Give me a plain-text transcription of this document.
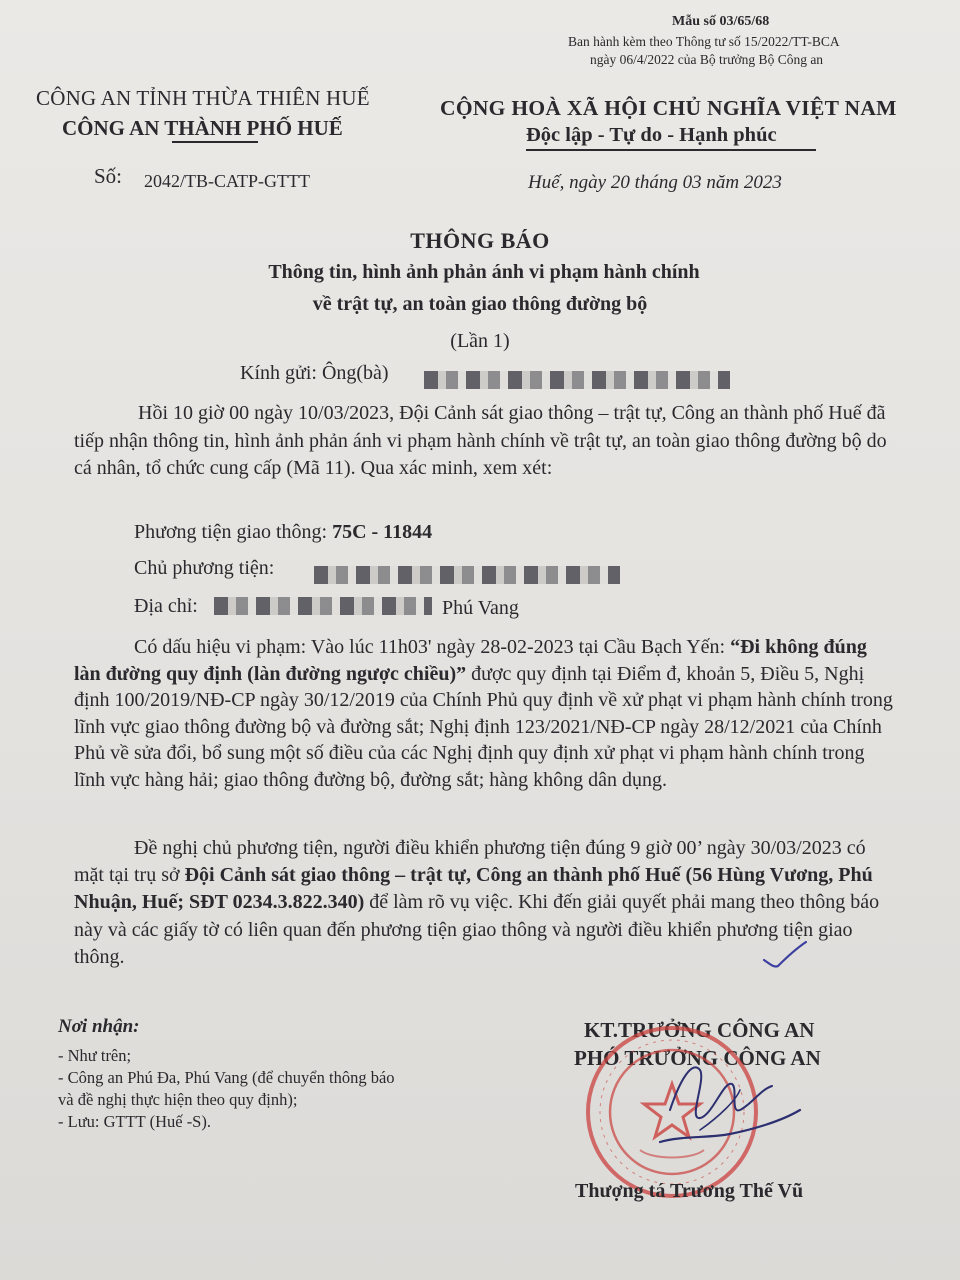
Mẫu số 03/65/68
Ban hành kèm theo Thông tư số 15/2022/TT-BCA
ngày 06/4/2022 của Bộ trưởng Bộ Công an
CÔNG AN TỈNH THỪA THIÊN HUẾ
CÔNG AN THÀNH PHỐ HUẾ
CỘNG HOÀ XÃ HỘI CHỦ NGHĨA VIỆT NAM
Độc lập - Tự do - Hạnh phúc
Số: 2042/TB-CATP-GTTT	Huế, ngày 20 tháng 03 năm 2023
THÔNG BÁO
Thông tin, hình ảnh phản ánh vi phạm hành chính
về trật tự, an toàn giao thông đường bộ
(Lần 1)
Kính gửi: Ông(bà)
Hồi 10 giờ 00 ngày 10/03/2023, Đội Cảnh sát giao thông – trật tự, Công an thành phố Huế đã tiếp nhận thông tin, hình ảnh phản ánh vi phạm hành chính về trật tự, an toàn giao thông đường bộ do cá nhân, tổ chức cung cấp (Mã 11). Qua xác minh, xem xét:
Phương tiện giao thông: 75C - 11844
Chủ phương tiện:
Địa chỉ:	Phú Vang
Có dấu hiệu vi phạm: Vào lúc 11h03' ngày 28-02-2023 tại Cầu Bạch Yến: “Đi không đúng làn đường quy định (làn đường ngược chiều)” được quy định tại Điểm đ, khoản 5, Điều 5, Nghị định 100/2019/NĐ-CP ngày 30/12/2019 của Chính Phủ quy định về xử phạt vi phạm hành chính trong lĩnh vực giao thông đường bộ và đường sắt; Nghị định 123/2021/NĐ-CP ngày 28/12/2021 của Chính Phủ về sửa đổi, bổ sung một số điều của các Nghị định quy định xử phạt vi phạm hành chính trong lĩnh vực hàng hải; giao thông đường bộ, đường sắt; hàng không dân dụng.
Đề nghị chủ phương tiện, người điều khiển phương tiện đúng 9 giờ 00’ ngày 30/03/2023 có mặt tại trụ sở Đội Cảnh sát giao thông – trật tự, Công an thành phố Huế (56 Hùng Vương, Phú Nhuận, Huế; SĐT 0234.3.822.340) để làm rõ vụ việc. Khi đến giải quyết phải mang theo thông báo này và các giấy tờ có liên quan đến phương tiện giao thông và người điều khiển phương tiện giao thông.
Nơi nhận:
- Như trên;
- Công an Phú Đa, Phú Vang (để chuyển thông báo
và đề nghị thực hiện theo quy định);
- Lưu: GTTT (Huế -S).
KT.TRƯỞNG CÔNG AN
PHÓ TRƯỞNG CÔNG AN
Thượng tá Trương Thế Vũ
